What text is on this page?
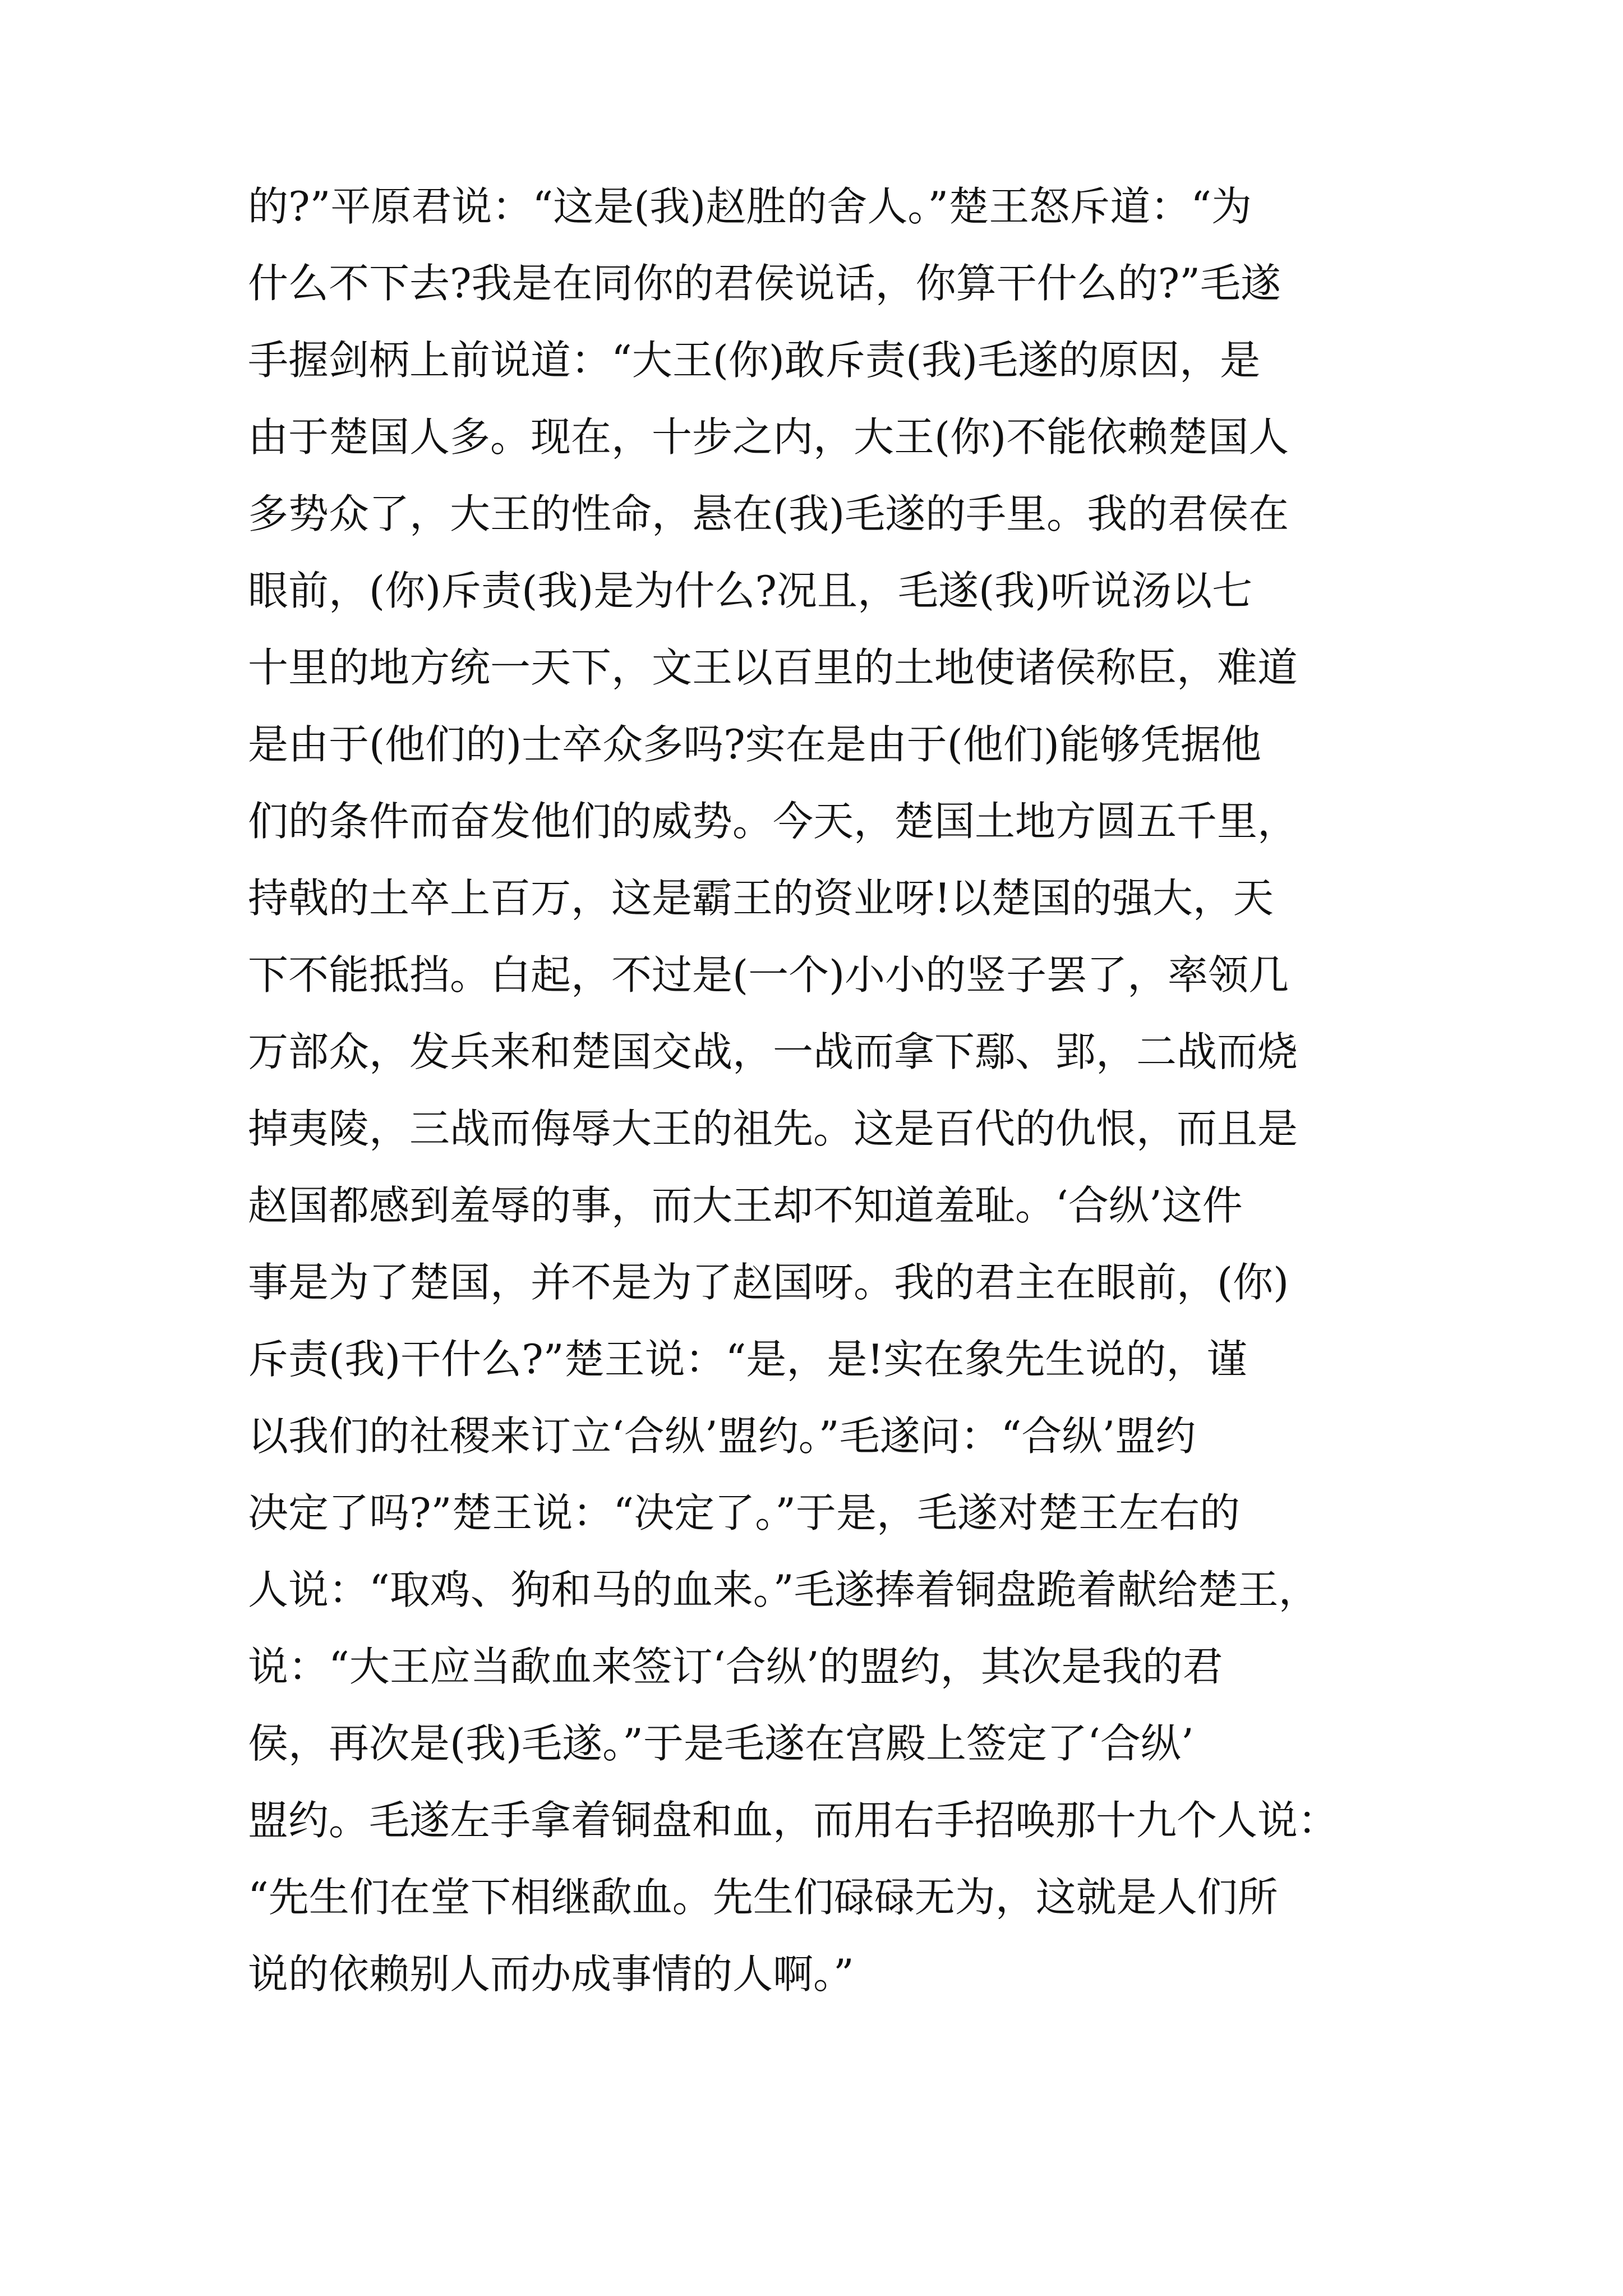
的?”平原君说：“这是(我)赵胜的舍人。”楚王怒斥道：“为
什么不下去?我是在同你的君侯说话，你算干什么的?”毛遂
手握剑柄上前说道：“大王(你)敢斥责(我)毛遂的原因，是
由于楚国人多。现在，十步之内，大王(你)不能依赖楚国人
多势众了，大王的性命，悬在(我)毛遂的手里。我的君侯在
眼前，(你)斥责(我)是为什么?况且，毛遂(我)听说汤以七
十里的地方统一天下，文王以百里的土地使诸侯称臣，难道
是由于(他们的)士卒众多吗?实在是由于(他们)能够凭据他
们的条件而奋发他们的威势。今天，楚国土地方圆五千里，
持戟的土卒上百万，这是霸王的资业呀!以楚国的强大，天
下不能抵挡。白起，不过是(一个)小小的竖子罢了，率领几
万部众，发兵来和楚国交战，一战而拿下鄢、郢，二战而烧
掉夷陵，三战而侮辱大王的祖先。这是百代的仇恨，而且是
赵国都感到羞辱的事，而大王却不知道羞耻。‘合纵’这件
事是为了楚国，并不是为了赵国呀。我的君主在眼前，(你)
斥责(我)干什么?”楚王说：“是，是!实在象先生说的，谨
以我们的社稷来订立‘合纵’盟约。”毛遂问：“合纵’盟约
决定了吗?”楚王说：“决定了。”于是，毛遂对楚王左右的
人说：“取鸡、狗和马的血来。”毛遂捧着铜盘跪着献给楚王，
说：“大王应当歃血来签订‘合纵’的盟约，其次是我的君
侯，再次是(我)毛遂。”于是毛遂在宫殿上签定了‘合纵’
盟约。毛遂左手拿着铜盘和血，而用右手招唤那十九个人说：
“先生们在堂下相继歃血。先生们碌碌无为，这就是人们所
说的依赖别人而办成事情的人啊。”
